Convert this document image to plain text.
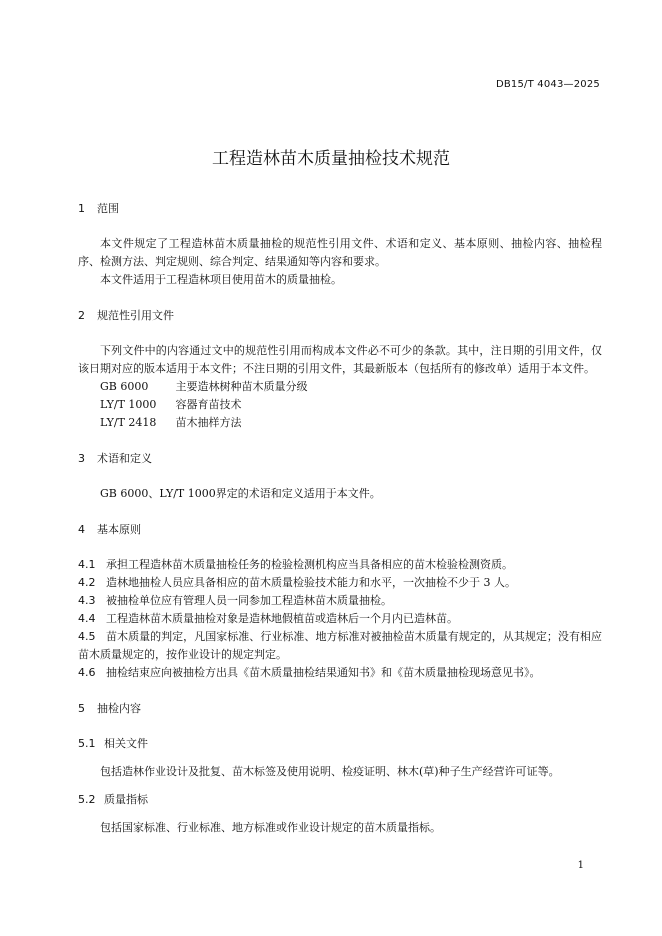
DB15/T 4043—2025
工程造林苗木质量抽检技术规范
1 范围

本文件规定了工程造林苗木质量抽检的规范性引用文件、术语和定义、基本原则、抽检内容、抽检程序、检测方法、判定规则、综合判定、结果通知等内容和要求。

本文件适用于工程造林项目使用苗木的质量抽检。

2 规范性引用文件

下列文件中的内容通过文中的规范性引用而构成本文件必不可少的条款。其中，注日期的引用文件，仅该日期对应的版本适用于本文件；不注日期的引用文件，其最新版本（包括所有的修改单）适用于本文件。

GB 6000 主要造林树种苗木质量分级

LY/T 1000 容器育苗技术

LY/T 2418 苗木抽样方法

3 术语和定义

GB 6000、LY/T 1000界定的术语和定义适用于本文件。

4 基本原则

4.1 承担工程造林苗木质量抽检任务的检验检测机构应当具备相应的苗木检验检测资质。

4.2 造林地抽检人员应具备相应的苗木质量检验技术能力和水平，一次抽检不少于 3 人。

4.3 被抽检单位应有管理人员一同参加工程造林苗木质量抽检。

4.4 工程造林苗木质量抽检对象是造林地假植苗或造林后一个月内已造林苗。

4.5 苗木质量的判定，凡国家标准、行业标准、地方标准对被抽检苗木质量有规定的，从其规定；没有相应苗木质量规定的，按作业设计的规定判定。

4.6 抽检结束应向被抽检方出具《苗木质量抽检结果通知书》和《苗木质量抽检现场意见书》。

5 抽检内容
5.1 相关文件

包括造林作业设计及批复、苗木标签及使用说明、检疫证明、林木(草)种子生产经营许可证等。

5.2 质量指标

包括国家标准、行业标准、地方标准或作业设计规定的苗木质量指标。

1
